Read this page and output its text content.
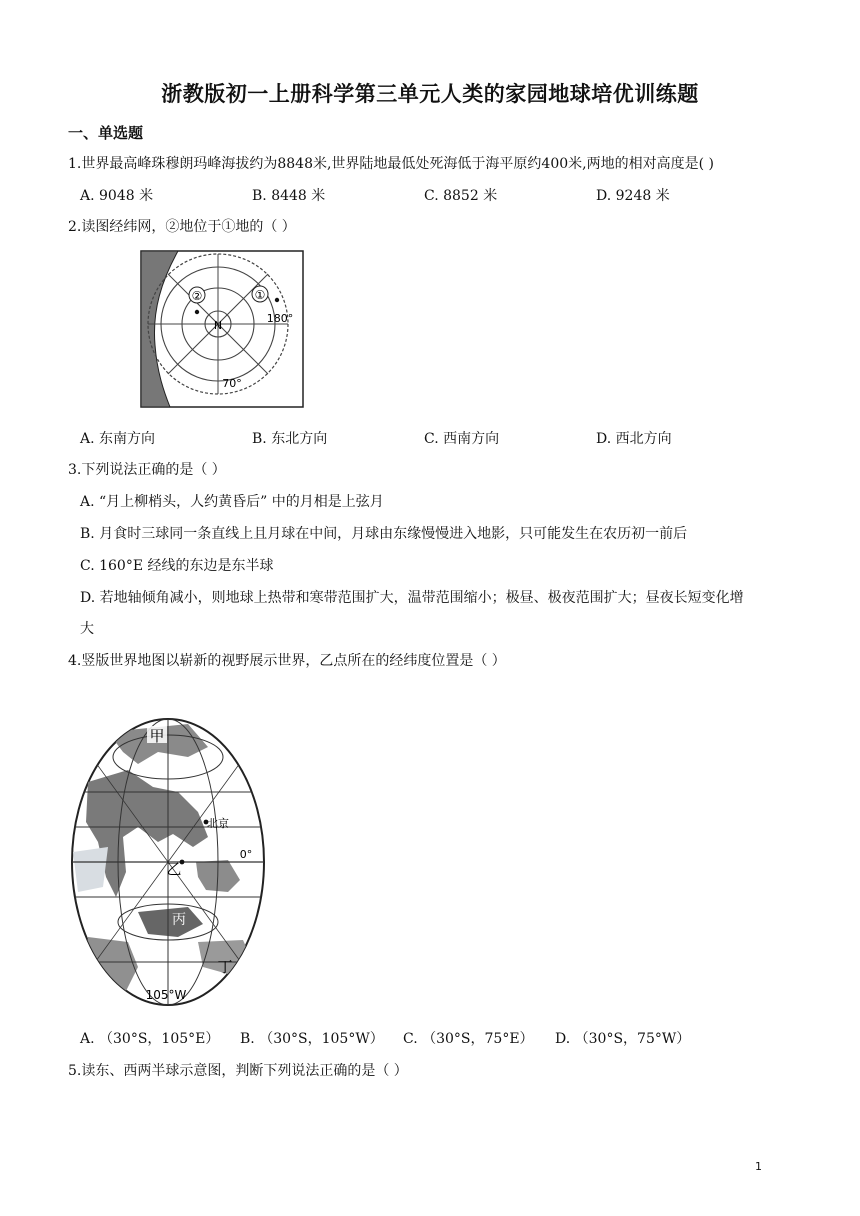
浙教版初一上册科学第三单元人类的家园地球培优训练题
一、单选题
1.世界最高峰珠穆朗玛峰海拔约为8848米,世界陆地最低处死海低于海平原约400米,两地的相对高度是( )
A. 9048 米	B. 8448 米	C. 8852 米	D. 9248 米
2.读图经纬网，②地位于①地的（ ）
②	①
N
180°
70°
A. 东南方向	B. 东北方向	C. 西南方向	D. 西北方向
3.下列说法正确的是（ ）
A. “月上柳梢头，人约黄昏后” 中的月相是上弦月
B. 月食时三球同一条直线上且月球在中间，月球由东缘慢慢进入地影，只可能发生在农历初一前后
C. 160°E 经线的东边是东半球
D. 若地轴倾角减小，则地球上热带和寒带范围扩大，温带范围缩小；极昼、极夜范围扩大；昼夜长短变化增
大
4.竖版世界地图以崭新的视野展示世界，乙点所在的经纬度位置是（ ）
甲
北京
0°
乙
丙
丁
105°W
A. （30°S，105°E） B. （30°S，105°W） C. （30°S，75°E） D. （30°S，75°W）
5.读东、西两半球示意图，判断下列说法正确的是（ ）
1
